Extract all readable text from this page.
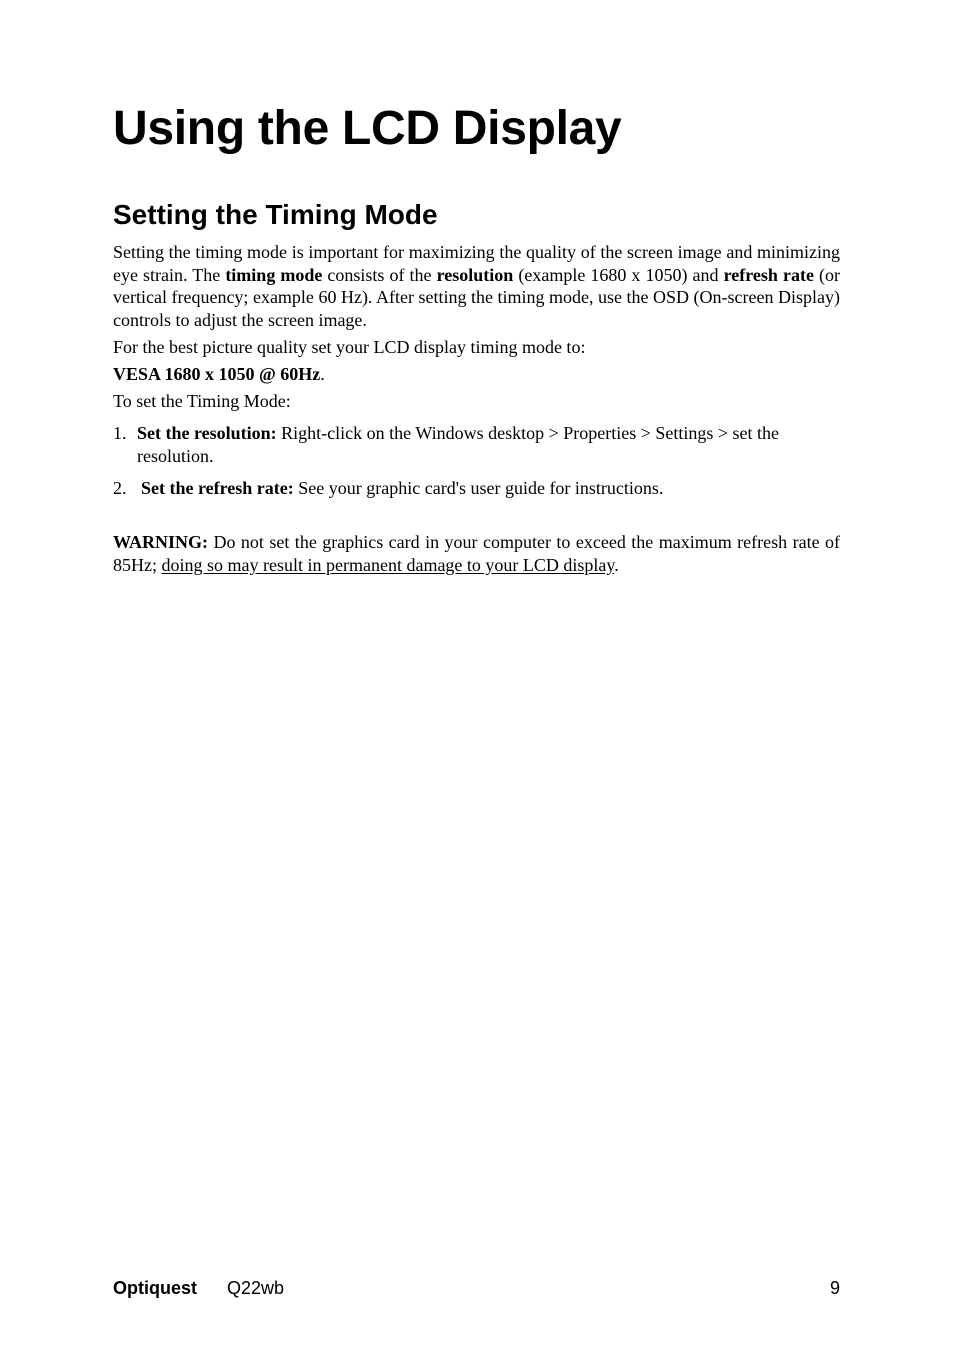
Using the LCD Display
Setting the Timing Mode

Setting the timing mode is important for maximizing the quality of the screen image and minimizing eye strain. The timing mode consists of the resolution (example 1680 x 1050) and refresh rate (or vertical frequency; example 60 Hz). After setting the timing mode, use the OSD (On-screen Display) controls to adjust the screen image.

For the best picture quality set your LCD display timing mode to:

VESA 1680 x 1050 @ 60Hz.

To set the Timing Mode:

1. Set the resolution: Right-click on the Windows desktop > Properties > Settings > set the resolution.
2. Set the refresh rate: See your graphic card's user guide for instructions.

WARNING: Do not set the graphics card in your computer to exceed the maximum refresh rate of 85Hz; doing so may result in permanent damage to your LCD display.

Optiquest Q22wb	9
